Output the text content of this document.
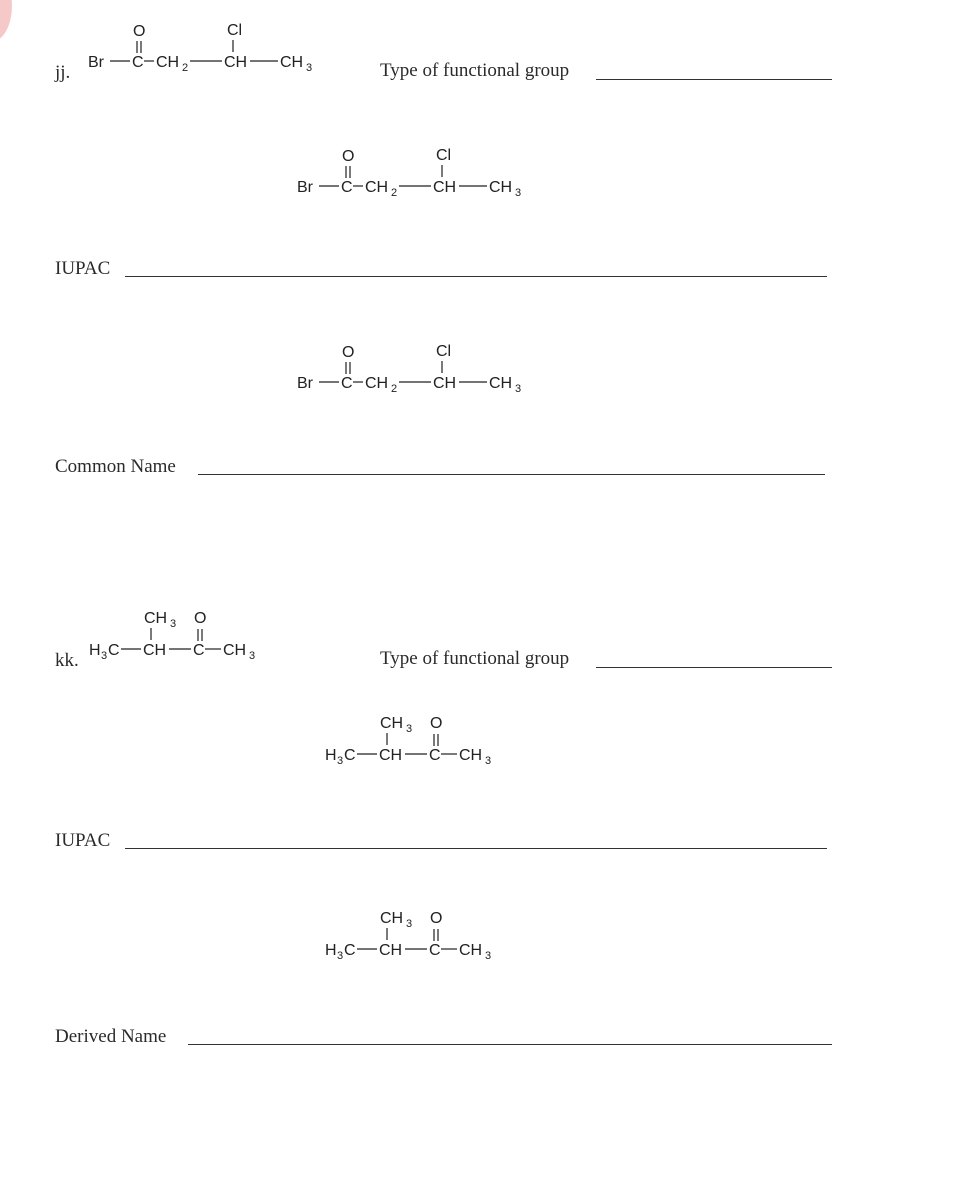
jj. Br C
O
CH 2 CH
Cl
CH 3	Type of functional group
Br C
O
CH 2 CH
Cl
CH 3
IUPAC
Br C
O
CH 2 CH
Cl
CH 3
Common Name
kk. H 3 C CH
CH 3
C
O
CH 3	Type of functional group
H 3 C CH
CH 3
C
O
CH 3
IUPAC
H 3 C CH
CH 3
C
O
CH 3
Derived Name
